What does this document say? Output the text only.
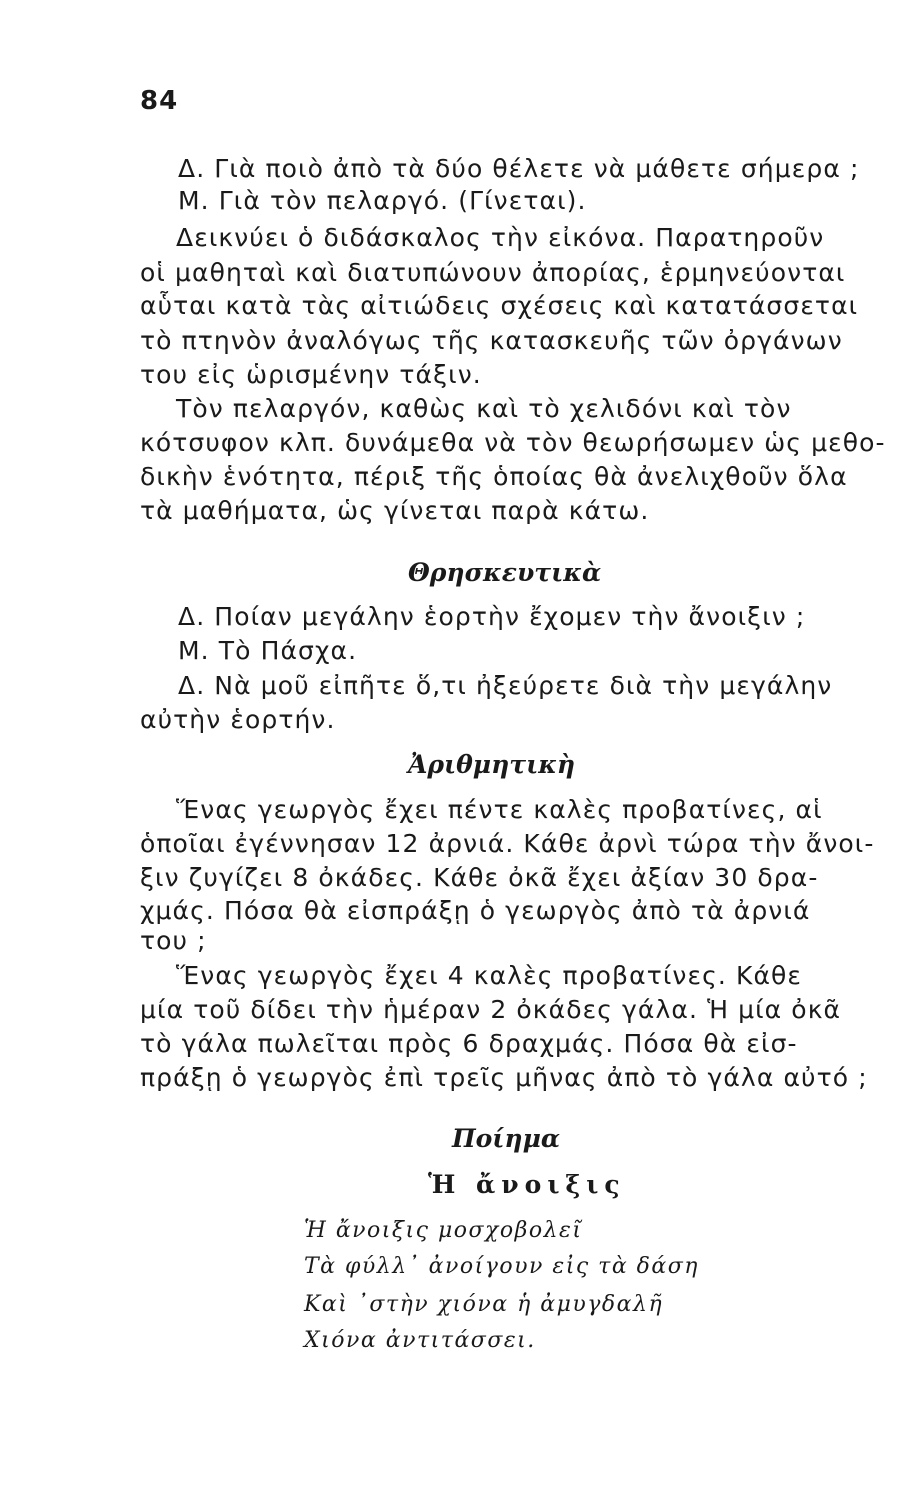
84
Δ. Γιὰ ποιὸ ἀπὸ τὰ δύο θέλετε νὰ μάθετε σήμερα ;
Μ. Γιὰ τὸν πελαργό. (Γίνεται).
Δεικνύει ὁ διδάσκαλος τὴν εἰκόνα. Παρατηροῦν
οἱ μαθηταὶ καὶ διατυπώνουν ἀπορίας, ἑρμηνεύονται
αὗται κατὰ τὰς αἰτιώδεις σχέσεις καὶ κατατάσσεται
τὸ πτηνὸν ἀναλόγως τῆς κατασκευῆς τῶν ὀργάνων
του εἰς ὡρισμένην τάξιν.
Τὸν πελαργόν, καθὼς καὶ τὸ χελιδόνι καὶ τὸν
κότσυφον κλπ. δυνάμεθα νὰ τὸν θεωρήσωμεν ὡς μεθο-
δικὴν ἑνότητα, πέριξ τῆς ὁποίας θὰ ἀνελιχθοῦν ὅλα
τὰ μαθήματα, ὡς γίνεται παρὰ κάτω.
Θρησκευτικὰ
Δ. Ποίαν μεγάλην ἑορτὴν ἔχομεν τὴν ἄνοιξιν ;
Μ. Τὸ Πάσχα.
Δ. Νὰ μοῦ εἰπῆτε ὅ,τι ἠξεύρετε διὰ τὴν μεγάλην
αὐτὴν ἑορτήν.
Ἀριθμητικὴ
Ἕνας γεωργὸς ἔχει πέντε καλὲς προβατίνες, αἱ
ὁποῖαι ἐγέννησαν 12 ἀρνιά. Κάθε ἀρνὶ τώρα τὴν ἄνοι-
ξιν ζυγίζει 8 ὀκάδες. Κάθε ὀκᾶ ἔχει ἀξίαν 30 δρα-
χμάς. Πόσα θὰ εἰσπράξῃ ὁ γεωργὸς ἀπὸ τὰ ἀρνιά
του ;
Ἕνας γεωργὸς ἔχει 4 καλὲς προβατίνες. Κάθε
μία τοῦ δίδει τὴν ἡμέραν 2 ὀκάδες γάλα. Ἡ μία ὀκᾶ
τὸ γάλα πωλεῖται πρὸς 6 δραχμάς. Πόσα θὰ εἰσ-
πράξῃ ὁ γεωργὸς ἐπὶ τρεῖς μῆνας ἀπὸ τὸ γάλα αὐτό ;
Ποίημα
Ἡ ἄνοιξις
Ἡ ἄνοιξις μοσχοβολεῖ
Τὰ φύλλ᾽ ἀνοίγουν εἰς τὰ δάση
Καὶ ᾽στὴν χιόνα ἡ ἀμυγδαλῆ
Χιόνα ἀντιτάσσει.
